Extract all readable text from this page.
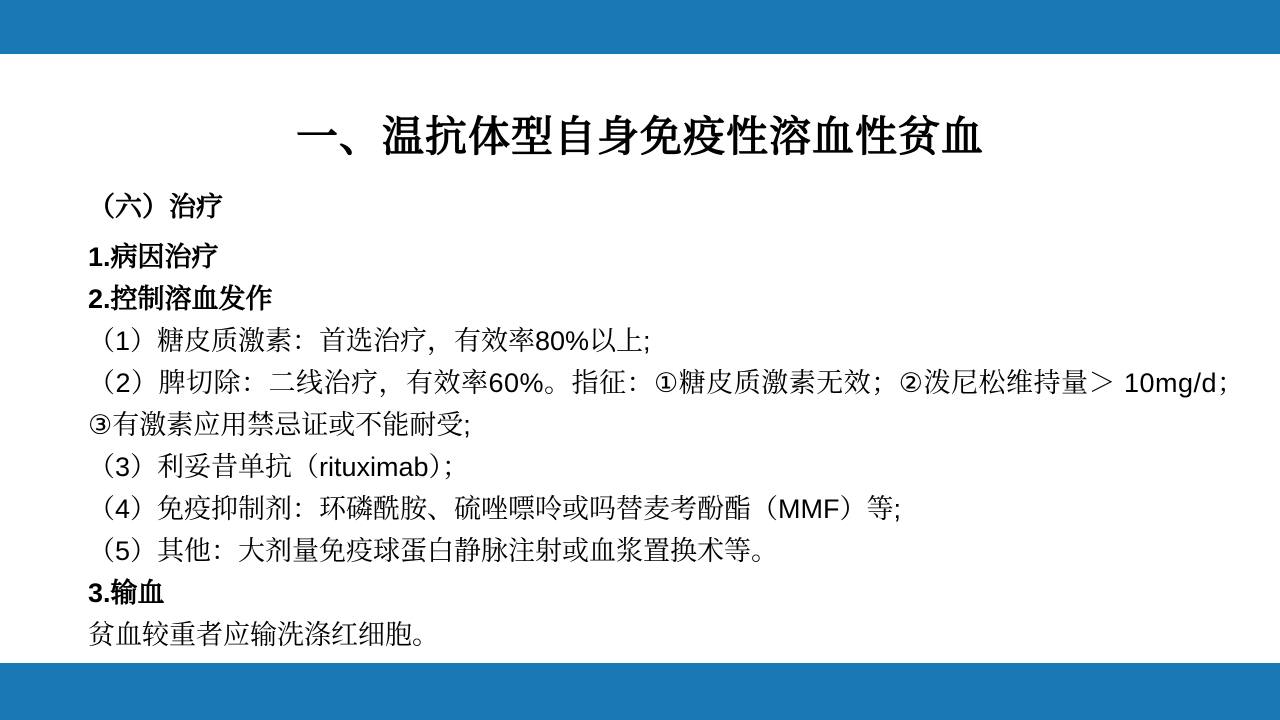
一、温抗体型自身免疫性溶血性贫血
（六）治疗
1.病因治疗
2.控制溶血发作
（1）糖皮质激素：首选治疗，有效率80%以上;
（2）脾切除：二线治疗，有效率60%。指征：①糖皮质激素无效；②泼尼松维持量＞ 10mg/d；
③有激素应用禁忌证或不能耐受;
（3）利妥昔单抗（rituximab）；
（4）免疫抑制剂：环磷酰胺、硫唑嘌呤或吗替麦考酚酯（MMF）等;
（5）其他：大剂量免疫球蛋白静脉注射或血浆置换术等。
3.输血
贫血较重者应输洗涤红细胞。
